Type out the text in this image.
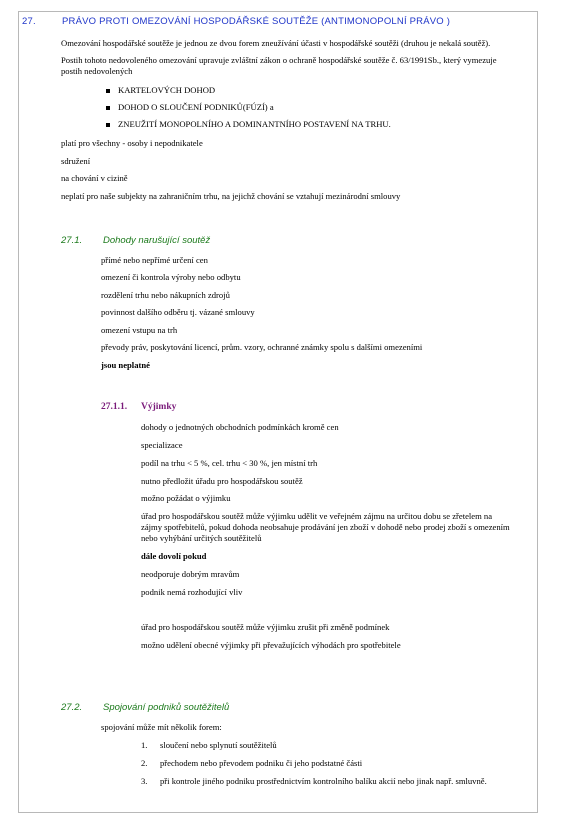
27.	PRÁVO PROTI OMEZOVÁNÍ HOSPODÁŘSKÉ SOUTĚŽE (ANTIMONOPOLNÍ PRÁVO )
Omezování hospodářské soutěže je jednou ze dvou forem zneužívání účasti v hospodářské soutěži (druhou je nekalá soutěž).
Postih tohoto nedovoleného omezování upravuje zvláštní zákon o ochraně hospodářské soutěže č. 63/1991Sb., který vymezuje
postih nedovolených
KARTELOVÝCH DOHOD
DOHOD O SLOUČENÍ PODNIKŮ(FÚZÍ) a
ZNEUŽITÍ MONOPOLNÍHO A DOMINANTNÍHO POSTAVENÍ NA TRHU.
platí pro všechny - osoby i nepodnikatele
sdružení
na chování v cizině
neplatí pro naše subjekty na zahraničním trhu, na jejichž chování se vztahují mezinárodní smlouvy
27.1. Dohody narušující soutěž
přímé nebo nepřímé určení cen
omezení či kontrola výroby nebo odbytu
rozdělení trhu nebo nákupních zdrojů
povinnost dalšího odběru tj. vázané smlouvy
omezení vstupu na trh
převody práv, poskytování licencí, prům. vzory, ochranné známky spolu s dalšími omezeními
jsou neplatné
27.1.1. Výjimky
dohody o jednotných obchodních podmínkách kromě cen
specializace
podíl na trhu < 5 %, cel. trhu < 30 %, jen místní trh
nutno předložit úřadu pro hospodářskou soutěž
možno požádat o výjimku
úřad pro hospodářskou soutěž může výjimku udělit ve veřejném zájmu na určitou dobu se zřetelem na
zájmy spotřebitelů, pokud dohoda neobsahuje prodávání jen zboží v dohodě nebo prodej zboží s omezením
nebo vyhýbání určitých soutěžitelů
dále dovolí pokud
neodporuje dobrým mravům
podnik nemá rozhodující vliv
úřad pro hospodářskou soutěž může výjimku zrušit při změně podmínek
možno udělení obecné výjimky při převažujících výhodách pro spotřebitele
27.2. Spojování podniků soutěžitelů
spojování může mít několik forem:
1. sloučení nebo splynutí soutěžitelů
2. přechodem nebo převodem podniku či jeho podstatné části
3. při kontrole jiného podniku prostřednictvím kontrolního balíku akcií nebo jinak např. smluvně.
